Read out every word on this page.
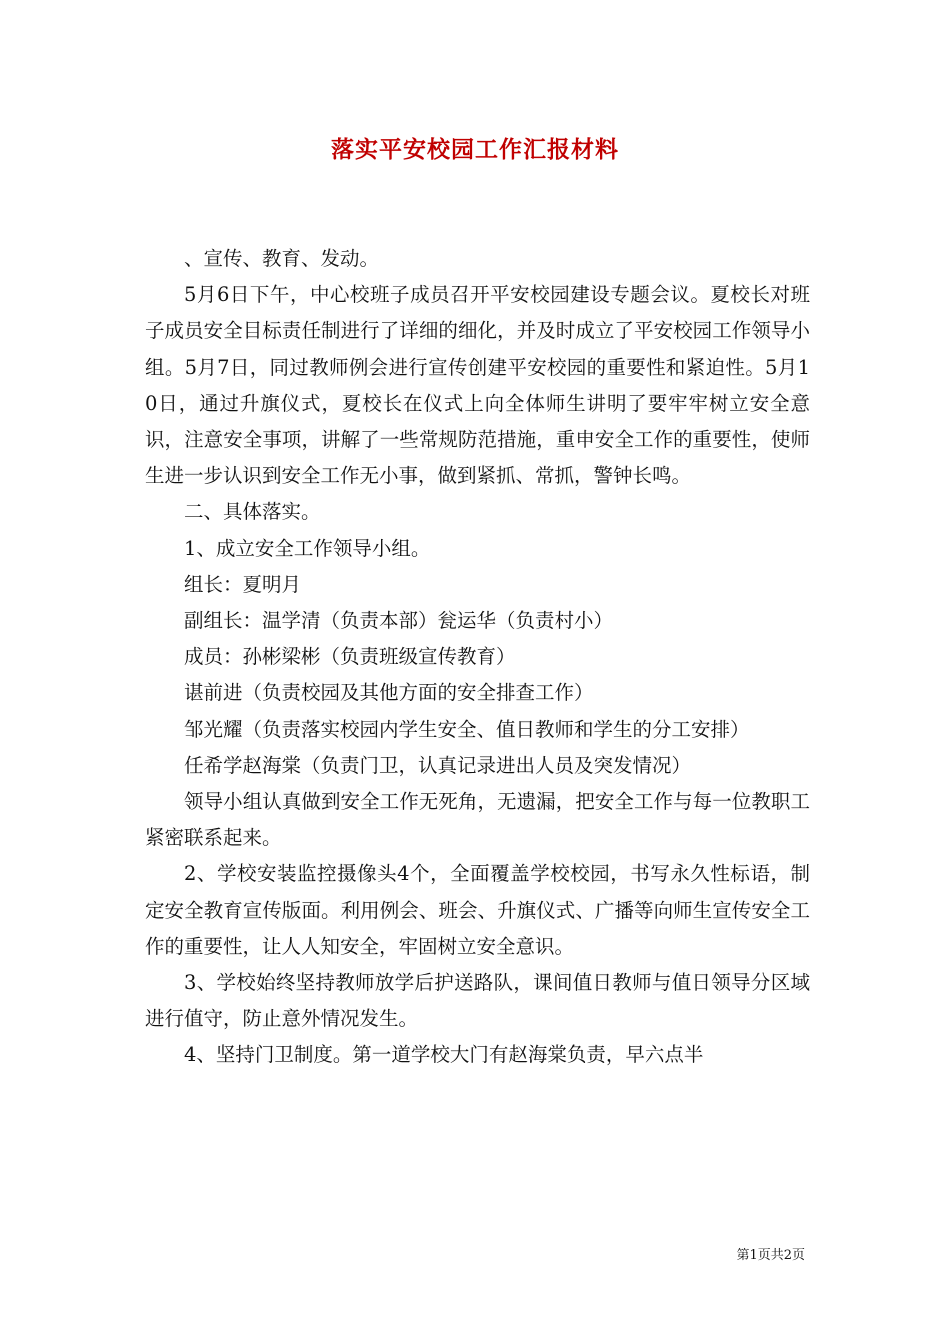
落实平安校园工作汇报材料

、宣传、教育、发动。

5月6日下午，中心校班子成员召开平安校园建设专题会议。夏校长对班子成员安全目标责任制进行了详细的细化，并及时成立了平安校园工作领导小组。5月7日，同过教师例会进行宣传创建平安校园的重要性和紧迫性。5月10日，通过升旗仪式，夏校长在仪式上向全体师生讲明了要牢牢树立安全意识，注意安全事项，讲解了一些常规防范措施，重申安全工作的重要性，使师生进一步认识到安全工作无小事，做到紧抓、常抓，警钟长鸣。

二、具体落实。

1、成立安全工作领导小组。

组长：夏明月

副组长：温学清（负责本部）瓮运华（负责村小）

成员：孙彬梁彬（负责班级宣传教育）

谌前进（负责校园及其他方面的安全排查工作）

邹光耀（负责落实校园内学生安全、值日教师和学生的分工安排）

任希学赵海棠（负责门卫，认真记录进出人员及突发情况）

领导小组认真做到安全工作无死角，无遗漏，把安全工作与每一位教职工紧密联系起来。

2、学校安装监控摄像头4个，全面覆盖学校校园，书写永久性标语，制定安全教育宣传版面。利用例会、班会、升旗仪式、广播等向师生宣传安全工作的重要性，让人人知安全，牢固树立安全意识。

3、学校始终坚持教师放学后护送路队，课间值日教师与值日领导分区域进行值守，防止意外情况发生。

4、坚持门卫制度。第一道学校大门有赵海棠负责，早六点半

第1页共2页
